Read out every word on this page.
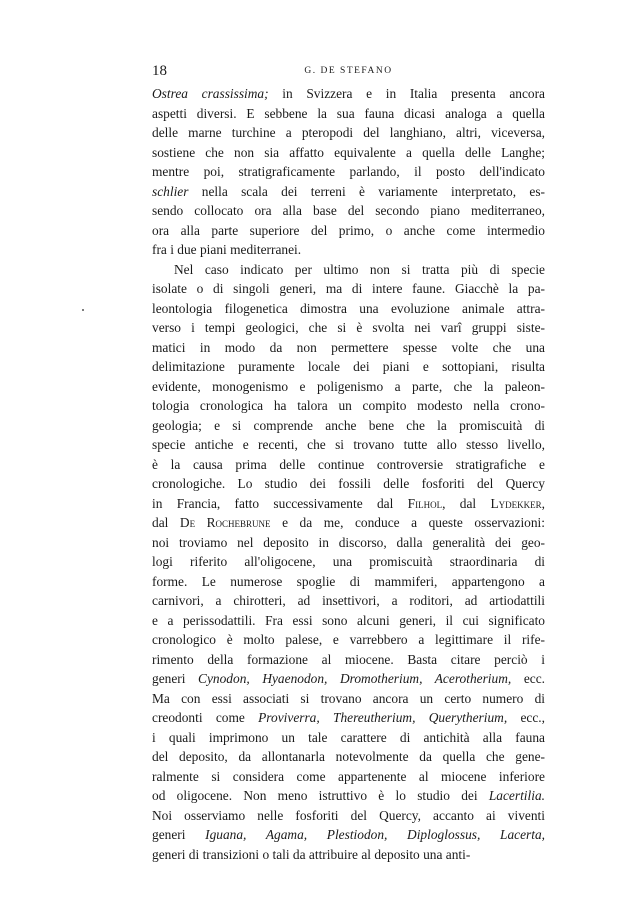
18	G. DE STEFANO
Ostrea crassissima; in Svizzera e in Italia presenta ancora
aspetti diversi. E sebbene la sua fauna dicasi analoga a quella
delle marne turchine a pteropodi del langhiano, altri, viceversa,
sostiene che non sia affatto equivalente a quella delle Langhe;
mentre poi, stratigraficamente parlando, il posto dell'indicato
schlier nella scala dei terreni è variamente interpretato, es-
sendo collocato ora alla base del secondo piano mediterraneo,
ora alla parte superiore del primo, o anche come intermedio
fra i due piani mediterranei.
Nel caso indicato per ultimo non si tratta più di specie
isolate o di singoli generi, ma di intere faune. Giacchè la pa-
leontologia filogenetica dimostra una evoluzione animale attra-
verso i tempi geologici, che si è svolta nei varî gruppi siste-
matici in modo da non permettere spesse volte che una
delimitazione puramente locale dei piani e sottopiani, risulta
evidente, monogenismo e poligenismo a parte, che la paleon-
tologia cronologica ha talora un compito modesto nella crono-
geologia; e si comprende anche bene che la promiscuità di
specie antiche e recenti, che si trovano tutte allo stesso livello,
è la causa prima delle continue controversie stratigrafiche e
cronologiche. Lo studio dei fossili delle fosforiti del Quercy
in Francia, fatto successivamente dal Filhol, dal Lydekker,
dal De Rochebrune e da me, conduce a queste osservazioni:
noi troviamo nel deposito in discorso, dalla generalità dei geo-
logi riferito all'oligocene, una promiscuità straordinaria di
forme. Le numerose spoglie di mammiferi, appartengono a
carnivori, a chirotteri, ad insettivori, a roditori, ad artiodattili
e a perissodattili. Fra essi sono alcuni generi, il cui significato
cronologico è molto palese, e varrebbero a legittimare il rife-
rimento della formazione al miocene. Basta citare perciò i
generi Cynodon, Hyaenodon, Dromotherium, Acerotherium, ecc.
Ma con essi associati si trovano ancora un certo numero di
creodonti come Proviverra, Thereutherium, Querytherium, ecc.,
i quali imprimono un tale carattere di antichità alla fauna
del deposito, da allontanarla notevolmente da quella che gene-
ralmente si considera come appartenente al miocene inferiore
od oligocene. Non meno istruttivo è lo studio dei Lacertilia.
Noi osserviamo nelle fosforiti del Quercy, accanto ai viventi
generi Iguana, Agama, Plestiodon, Diploglossus, Lacerta,
generi di transizioni o tali da attribuire al deposito una anti-
